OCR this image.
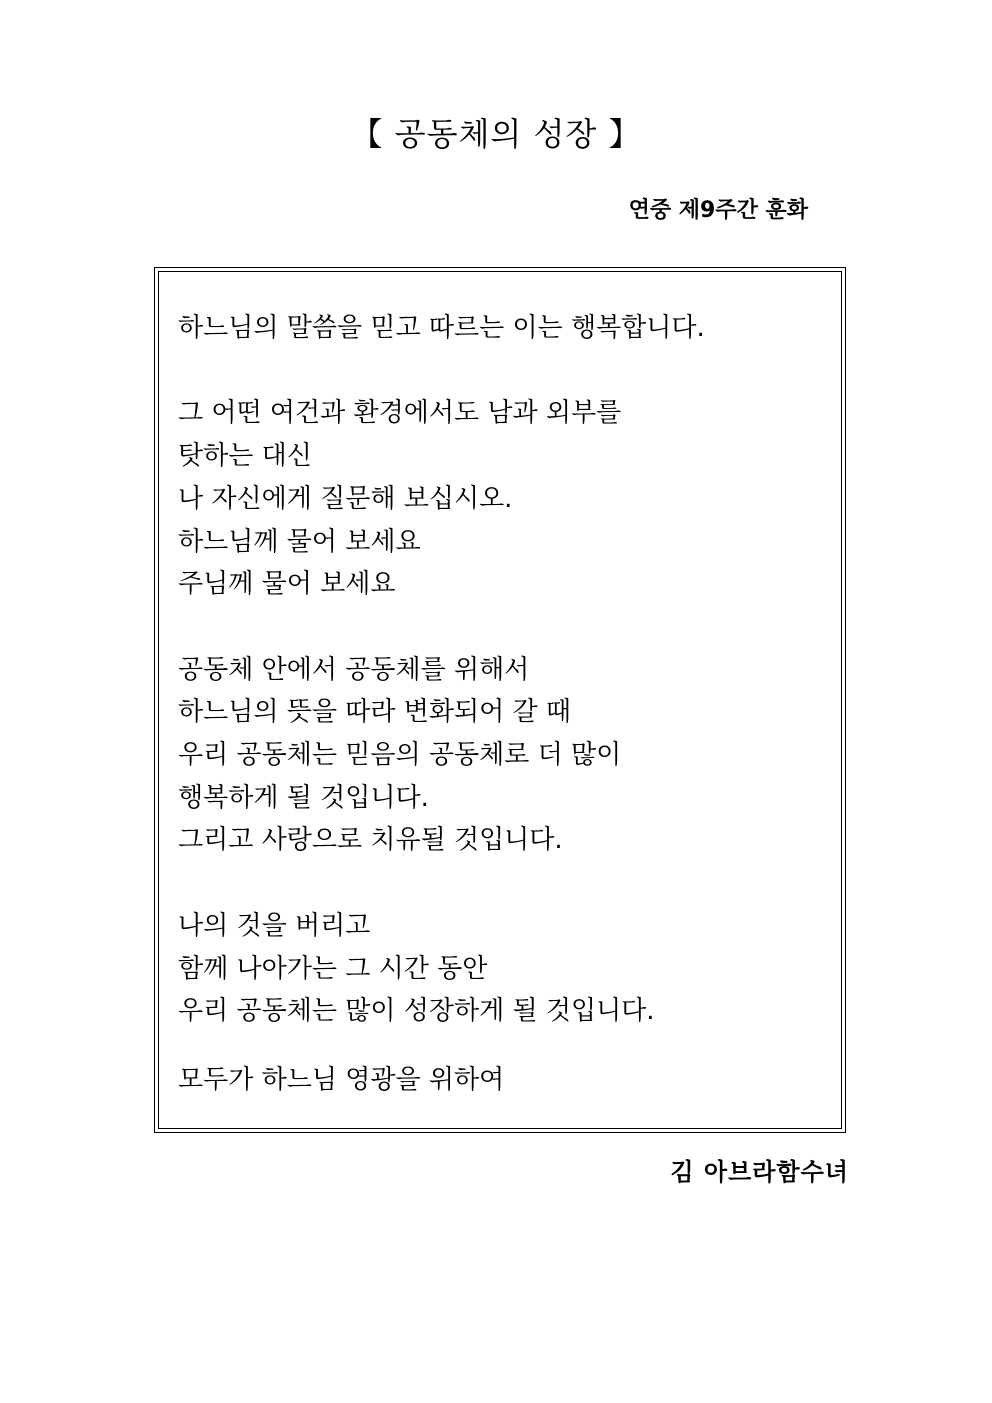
【 공동체의 성장 】
연중 제9주간 훈화
하느님의 말씀을 믿고 따르는 이는 행복합니다.
그 어떤 여건과 환경에서도 남과 외부를
탓하는 대신
나 자신에게 질문해 보십시오.
하느님께 물어 보세요
주님께 물어 보세요
공동체 안에서 공동체를 위해서
하느님의 뜻을 따라 변화되어 갈 때
우리 공동체는 믿음의 공동체로 더 많이
행복하게 될 것입니다.
그리고 사랑으로 치유될 것입니다.
나의 것을 버리고
함께 나아가는 그 시간 동안
우리 공동체는 많이 성장하게 될 것입니다.
모두가 하느님 영광을 위하여
김 아브라함수녀
